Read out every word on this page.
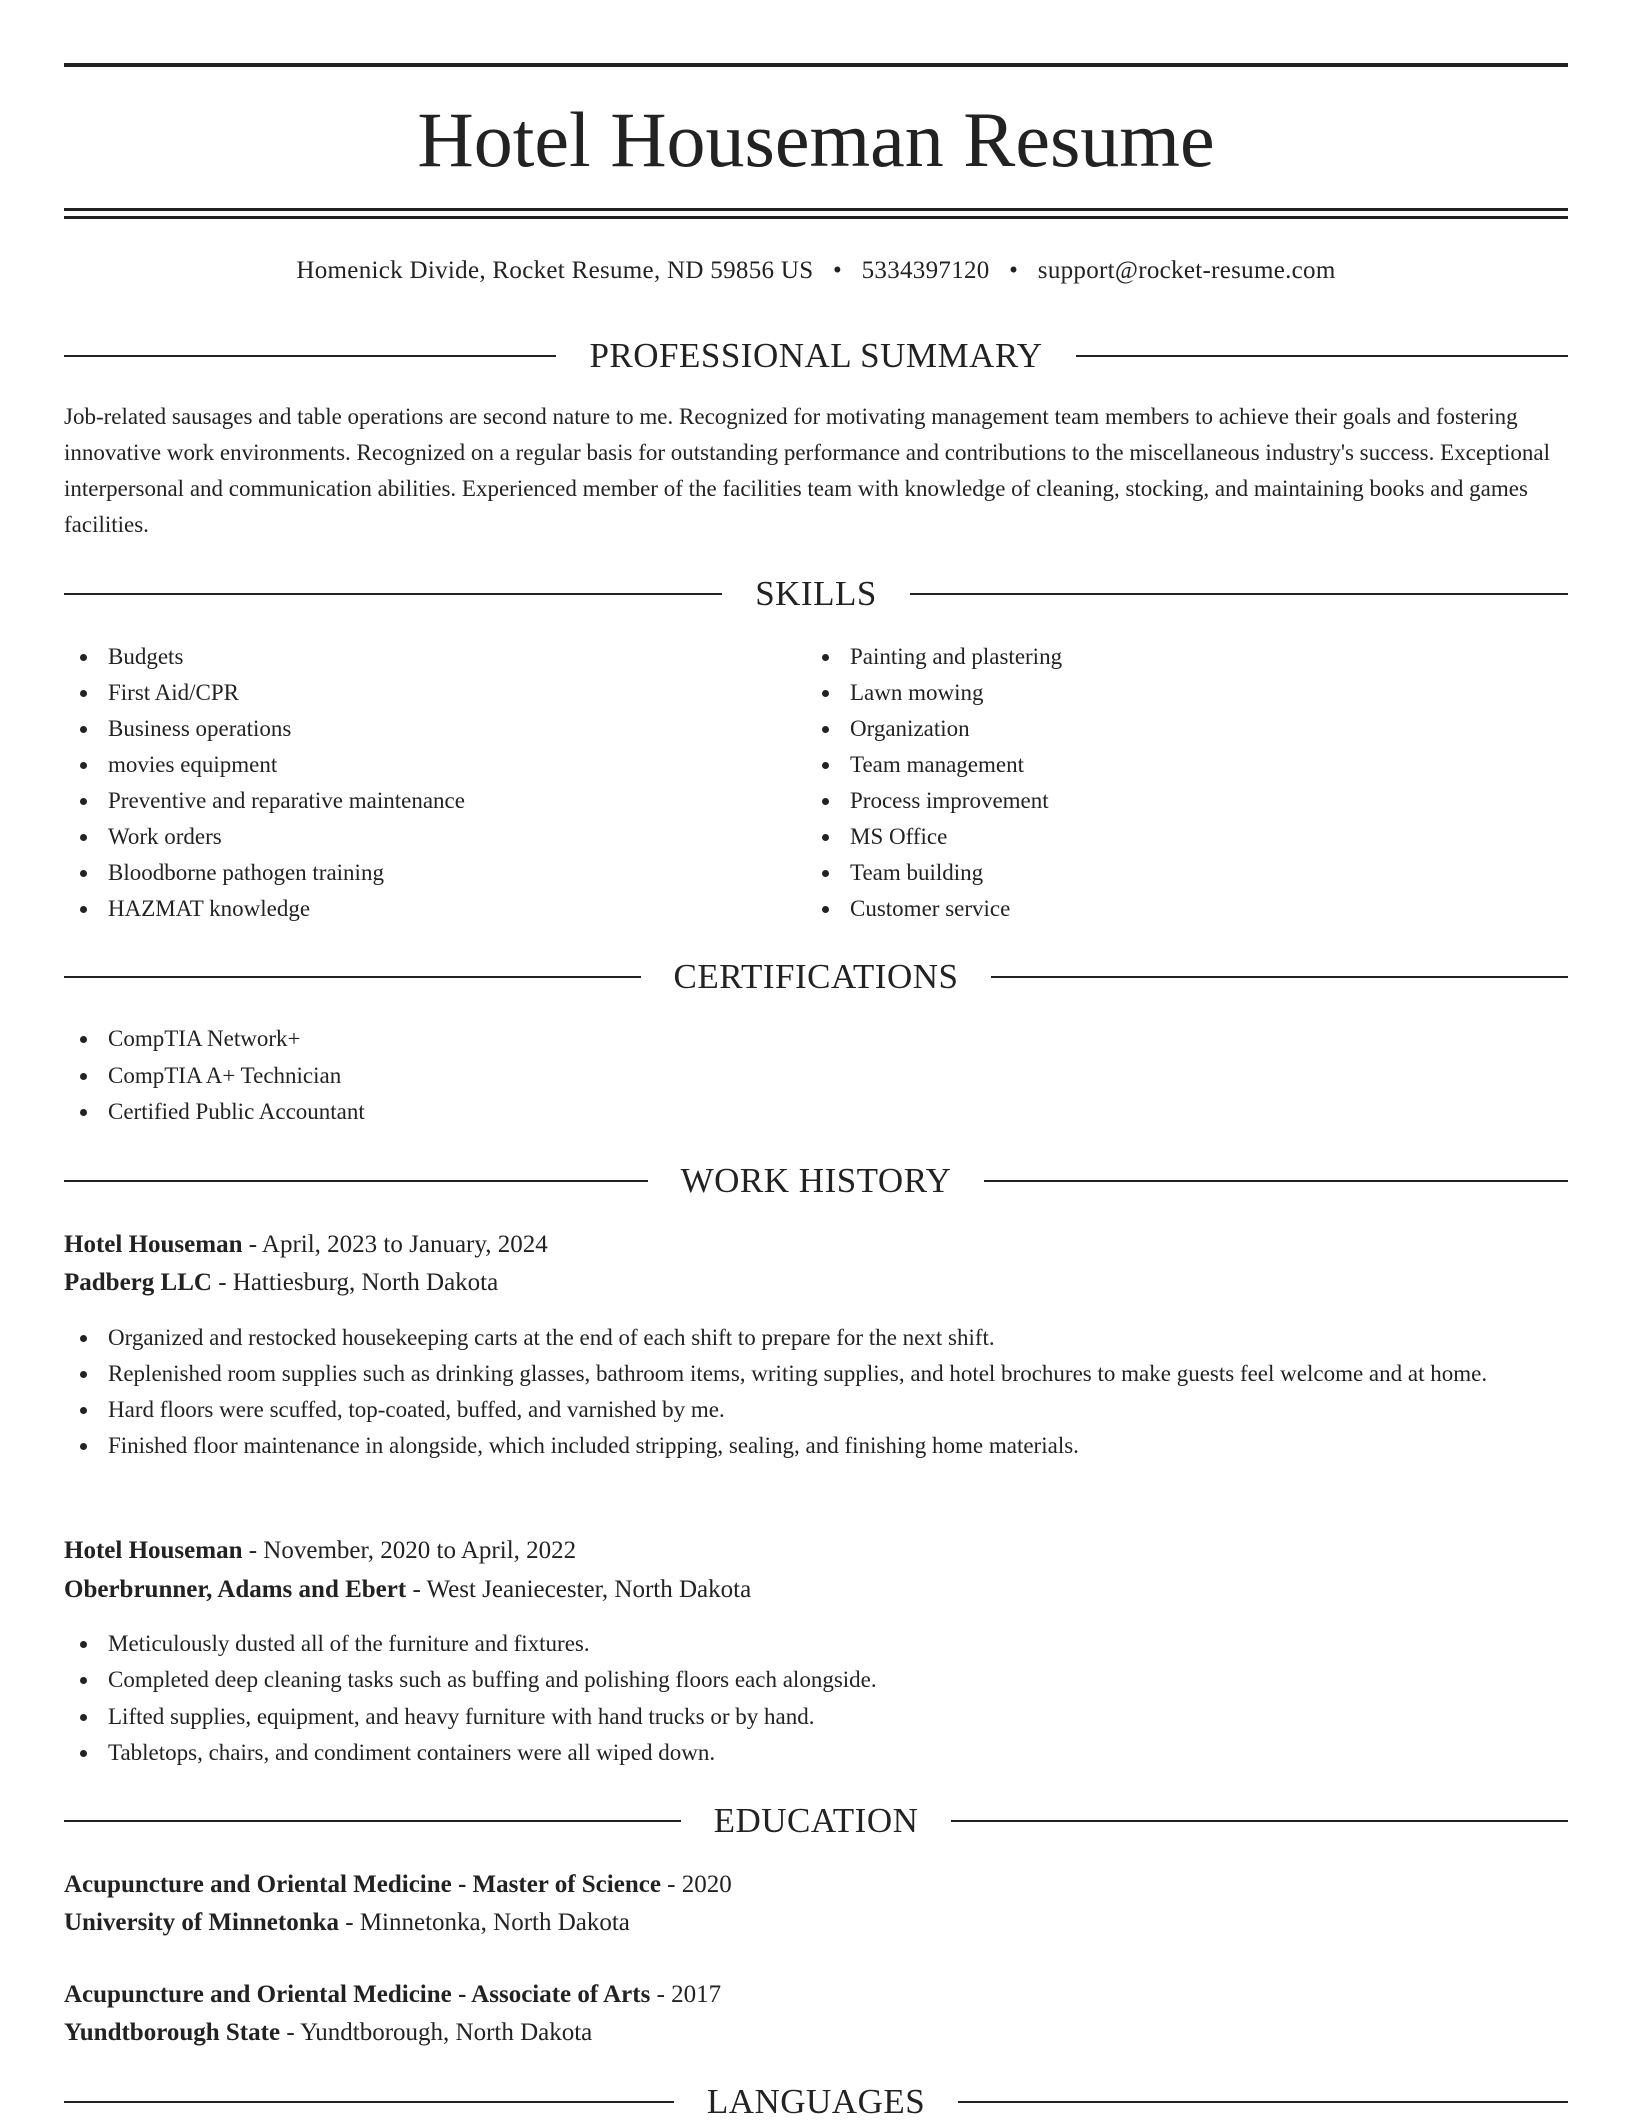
Hotel Houseman Resume
Homenick Divide, Rocket Resume, ND 59856 US • 5334397120 • support@rocket-resume.com
PROFESSIONAL SUMMARY

Job-related sausages and table operations are second nature to me. Recognized for motivating management team members to achieve their goals and fostering innovative work environments. Recognized on a regular basis for outstanding performance and contributions to the miscellaneous industry's success. Exceptional interpersonal and communication abilities. Experienced member of the facilities team with knowledge of cleaning, stocking, and maintaining books and games facilities.

SKILLS
Budgets
First Aid/CPR
Business operations
movies equipment
Preventive and reparative maintenance
Work orders
Bloodborne pathogen training
HAZMAT knowledge
Painting and plastering
Lawn mowing
Organization
Team management
Process improvement
MS Office
Team building
Customer service
CERTIFICATIONS
CompTIA Network+
CompTIA A+ Technician
Certified Public Accountant
WORK HISTORY
Hotel Houseman - April, 2023 to January, 2024
Padberg LLC - Hattiesburg, North Dakota
Organized and restocked housekeeping carts at the end of each shift to prepare for the next shift.
Replenished room supplies such as drinking glasses, bathroom items, writing supplies, and hotel brochures to make guests feel welcome and at home.
Hard floors were scuffed, top-coated, buffed, and varnished by me.
Finished floor maintenance in alongside, which included stripping, sealing, and finishing home materials.
Hotel Houseman - November, 2020 to April, 2022
Oberbrunner, Adams and Ebert - West Jeaniecester, North Dakota
Meticulously dusted all of the furniture and fixtures.
Completed deep cleaning tasks such as buffing and polishing floors each alongside.
Lifted supplies, equipment, and heavy furniture with hand trucks or by hand.
Tabletops, chairs, and condiment containers were all wiped down.
EDUCATION
Acupuncture and Oriental Medicine - Master of Science - 2020
University of Minnetonka - Minnetonka, North Dakota
Acupuncture and Oriental Medicine - Associate of Arts - 2017
Yundtborough State - Yundtborough, North Dakota
LANGUAGES
